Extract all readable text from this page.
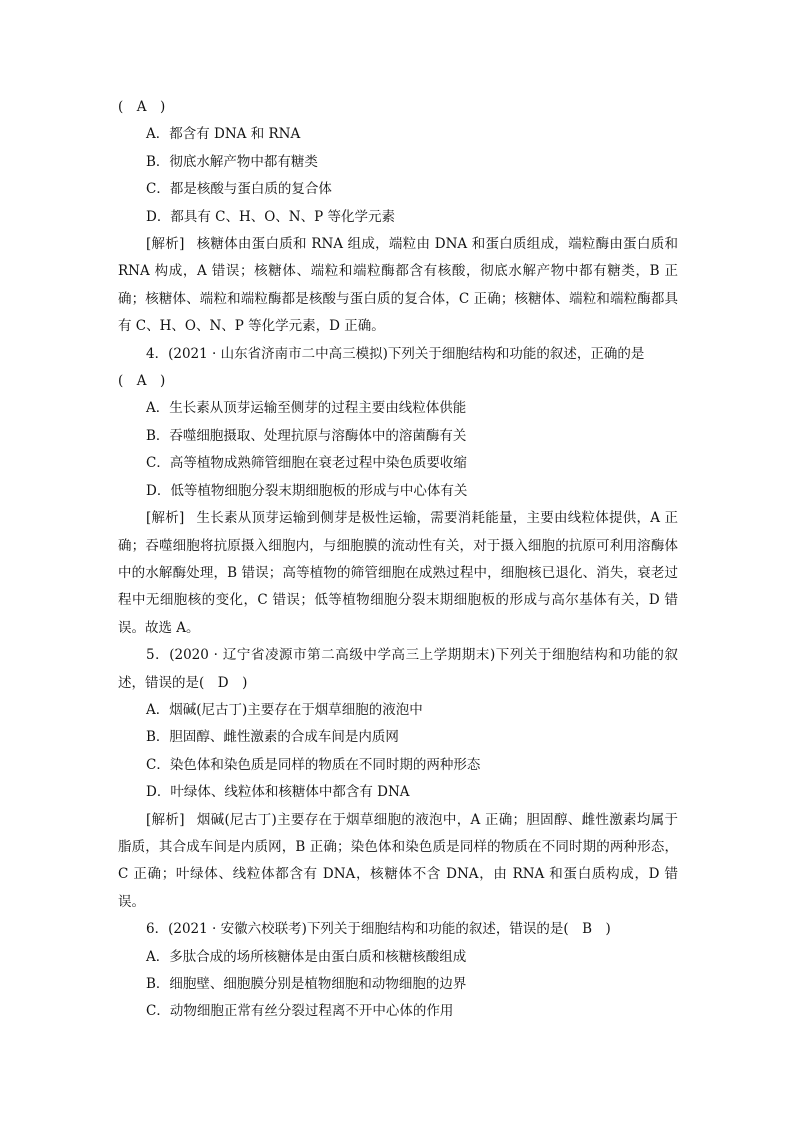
(　A　)
A．都含有 DNA 和 RNA
B．彻底水解产物中都有糖类
C．都是核酸与蛋白质的复合体
D．都具有 C、H、O、N、P 等化学元素
[解析] 核糖体由蛋白质和 RNA 组成，端粒由 DNA 和蛋白质组成，端粒酶由蛋白质和 RNA 构成，A 错误；核糖体、端粒和端粒酶都含有核酸，彻底水解产物中都有糖类，B 正确；核糖体、端粒和端粒酶都是核酸与蛋白质的复合体，C 正确；核糖体、端粒和端粒酶都具有 C、H、O、N、P 等化学元素，D 正确。
4．(2021 · 山东省济南市二中高三模拟)下列关于细胞结构和功能的叙述，正确的是
(　A　)
A．生长素从顶芽运输至侧芽的过程主要由线粒体供能
B．吞噬细胞摄取、处理抗原与溶酶体中的溶菌酶有关
C．高等植物成熟筛管细胞在衰老过程中染色质要收缩
D．低等植物细胞分裂末期细胞板的形成与中心体有关
[解析] 生长素从顶芽运输到侧芽是极性运输，需要消耗能量，主要由线粒体提供，A 正确；吞噬细胞将抗原摄入细胞内，与细胞膜的流动性有关，对于摄入细胞的抗原可利用溶酶体中的水解酶处理，B 错误；高等植物的筛管细胞在成熟过程中，细胞核已退化、消失，衰老过程中无细胞核的变化，C 错误；低等植物细胞分裂末期细胞板的形成与高尔基体有关，D 错误。故选 A。
5．(2020 · 辽宁省凌源市第二高级中学高三上学期期末)下列关于细胞结构和功能的叙述，错误的是(　D　)
A．烟碱(尼古丁)主要存在于烟草细胞的液泡中
B．胆固醇、雌性激素的合成车间是内质网
C．染色体和染色质是同样的物质在不同时期的两种形态
D．叶绿体、线粒体和核糖体中都含有 DNA
[解析] 烟碱(尼古丁)主要存在于烟草细胞的液泡中，A 正确；胆固醇、雌性激素均属于脂质，其合成车间是内质网，B 正确；染色体和染色质是同样的物质在不同时期的两种形态，C 正确；叶绿体、线粒体都含有 DNA，核糖体不含 DNA，由 RNA 和蛋白质构成，D 错误。
6．(2021 · 安徽六校联考)下列关于细胞结构和功能的叙述，错误的是(　B　)
A．多肽合成的场所核糖体是由蛋白质和核糖核酸组成
B．细胞壁、细胞膜分别是植物细胞和动物细胞的边界
C．动物细胞正常有丝分裂过程离不开中心体的作用
